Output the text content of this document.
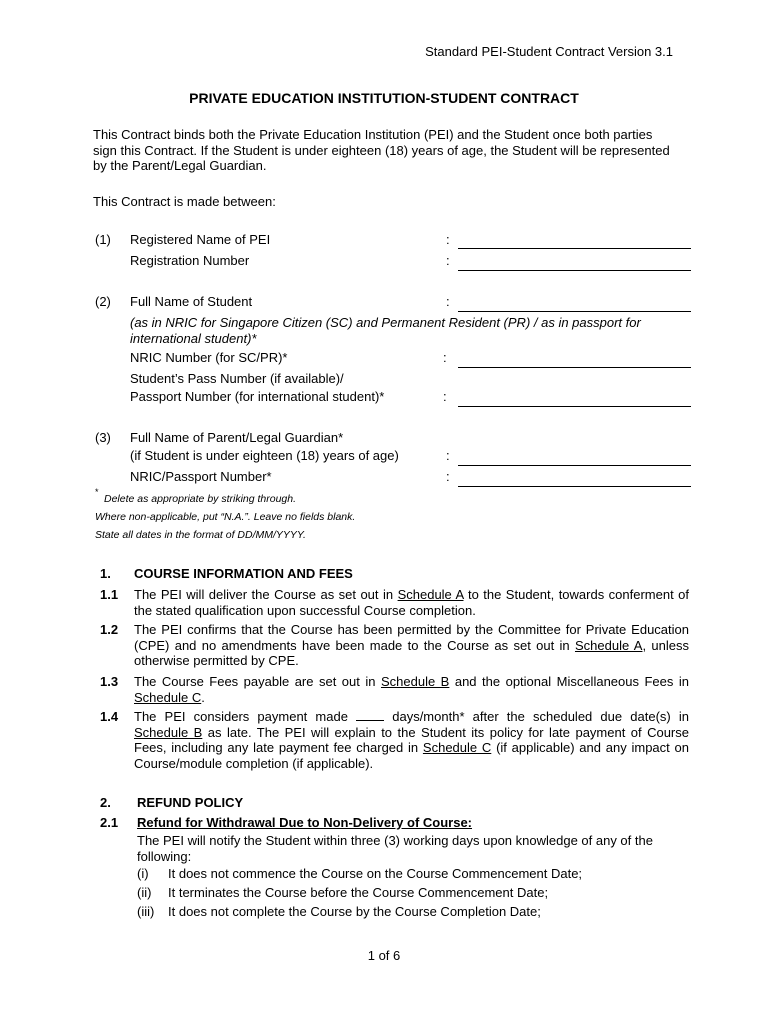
Standard PEI-Student Contract Version 3.1
PRIVATE EDUCATION INSTITUTION-STUDENT CONTRACT
This Contract binds both the Private Education Institution (PEI) and the Student once both parties sign this Contract. If the Student is under eighteen (18) years of age, the Student will be represented by the Parent/Legal Guardian.
This Contract is made between:
(1) Registered Name of PEI	:
Registration Number	:
(2) Full Name of Student	:
(as in NRIC for Singapore Citizen (SC) and Permanent Resident (PR) / as in passport for international student)*
NRIC Number (for SC/PR)*	:
Student’s Pass Number (if available)/
Passport Number (for international student)*	:
(3) Full Name of Parent/Legal Guardian*
(if Student is under eighteen (18) years of age)	:
NRIC/Passport Number*	:
*
Delete as appropriate by striking through.
Where non-applicable, put “N.A.”. Leave no fields blank.
State all dates in the format of DD/MM/YYYY.
1. COURSE INFORMATION AND FEES
1.1 The PEI will deliver the Course as set out in Schedule A to the Student, towards conferment of the stated qualification upon successful Course completion.
1.2 The PEI confirms that the Course has been permitted by the Committee for Private Education (CPE) and no amendments have been made to the Course as set out in Schedule A, unless otherwise permitted by CPE.
1.3 The Course Fees payable are set out in Schedule B and the optional Miscellaneous Fees in Schedule C.
1.4 The PEI considers payment made  days/month* after the scheduled due date(s) in Schedule B as late. The PEI will explain to the Student its policy for late payment of Course Fees, including any late payment fee charged in Schedule C (if applicable) and any impact on Course/module completion (if applicable).
2. REFUND POLICY
2.1 Refund for Withdrawal Due to Non-Delivery of Course:
The PEI will notify the Student within three (3) working days upon knowledge of any of the following:
(i) It does not commence the Course on the Course Commencement Date;
(ii) It terminates the Course before the Course Commencement Date;
(iii) It does not complete the Course by the Course Completion Date;
1 of 6
